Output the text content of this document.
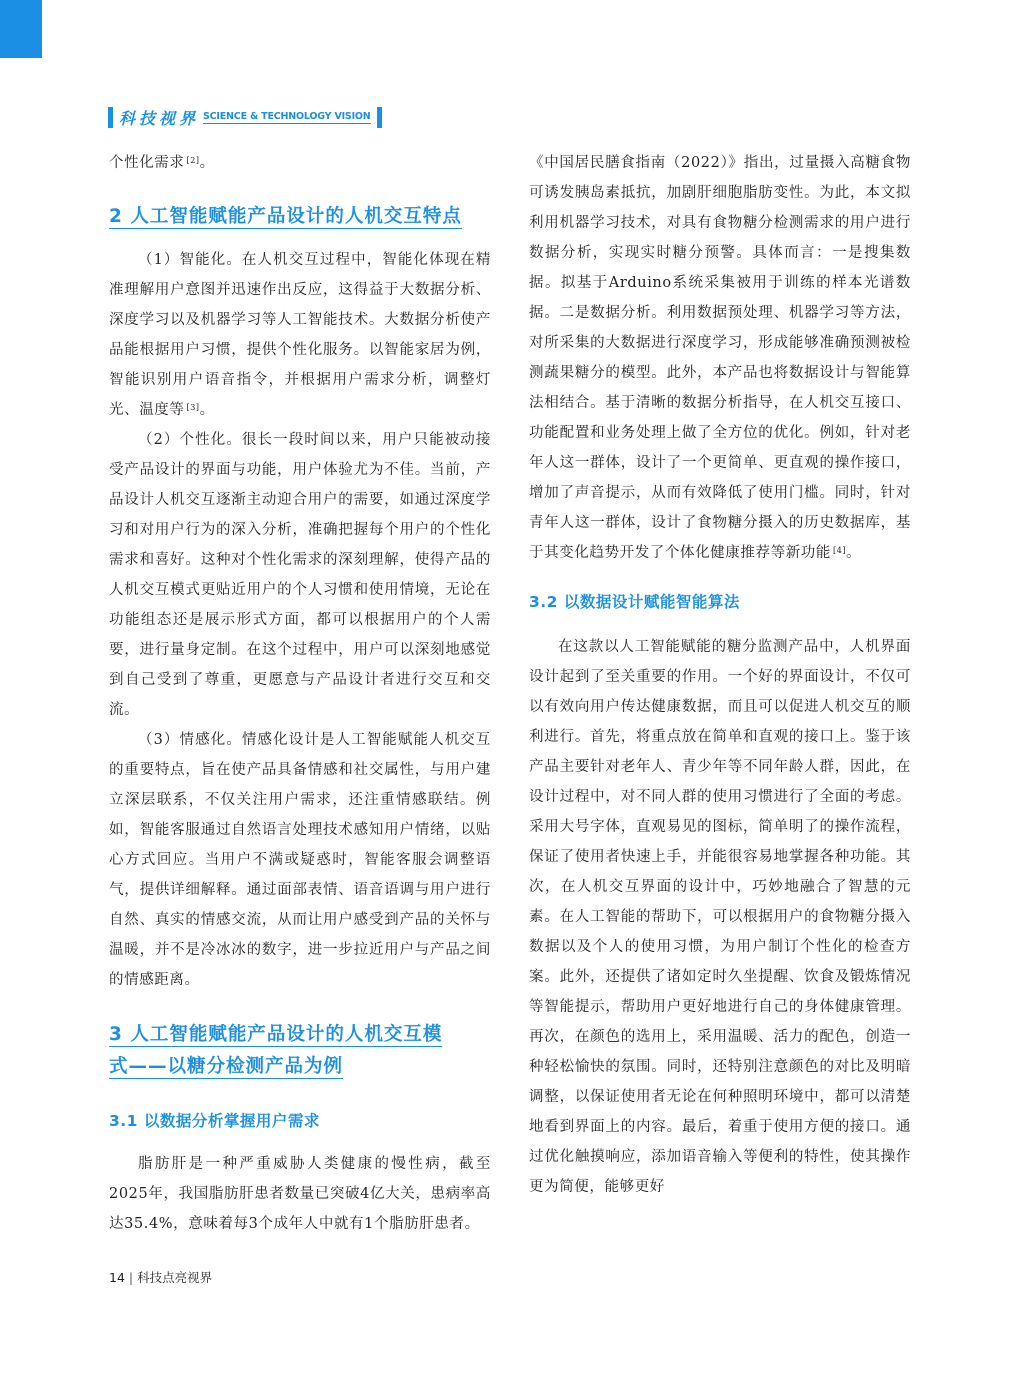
科技视界 SCIENCE & TECHNOLOGY VISION

个性化需求 [2]。

2 人工智能赋能产品设计的人机交互特点

（1）智能化。在人机交互过程中，智能化体现在精准理解用户意图并迅速作出反应，这得益于大数据分析、深度学习以及机器学习等人工智能技术。大数据分析使产品能根据用户习惯，提供个性化服务。以智能家居为例，智能识别用户语音指令，并根据用户需求分析，调整灯光、温度等 [3]。

（2）个性化。很长一段时间以来，用户只能被动接受产品设计的界面与功能，用户体验尤为不佳。当前，产品设计人机交互逐渐主动迎合用户的需要，如通过深度学习和对用户行为的深入分析，准确把握每个用户的个性化需求和喜好。这种对个性化需求的深刻理解，使得产品的人机交互模式更贴近用户的个人习惯和使用情境，无论在功能组态还是展示形式方面，都可以根据用户的个人需要，进行量身定制。在这个过程中，用户可以深刻地感觉到自己受到了尊重，更愿意与产品设计者进行交互和交流。

（3）情感化。情感化设计是人工智能赋能人机交互的重要特点，旨在使产品具备情感和社交属性，与用户建立深层联系，不仅关注用户需求，还注重情感联结。例如，智能客服通过自然语言处理技术感知用户情绪，以贴心方式回应。当用户不满或疑惑时，智能客服会调整语气，提供详细解释。通过面部表情、语音语调与用户进行自然、真实的情感交流，从而让用户感受到产品的关怀与温暖，并不是冷冰冰的数字，进一步拉近用户与产品之间的情感距离。

3 人工智能赋能产品设计的人机交互模
式——以糖分检测产品为例
3.1 以数据分析掌握用户需求

脂肪肝是一种严重威胁人类健康的慢性病，截至2025年，我国脂肪肝患者数量已突破4亿大关，患病率高达35.4%，意味着每3个成年人中就有1个脂肪肝患者。

《中国居民膳食指南（2022）》指出，过量摄入高糖食物可诱发胰岛素抵抗，加剧肝细胞脂肪变性。为此，本文拟利用机器学习技术，对具有食物糖分检测需求的用户进行数据分析，实现实时糖分预警。具体而言：一是搜集数据。拟基于Arduino系统采集被用于训练的样本光谱数据。二是数据分析。利用数据预处理、机器学习等方法，对所采集的大数据进行深度学习，形成能够准确预测被检测蔬果糖分的模型。此外，本产品也将数据设计与智能算法相结合。基于清晰的数据分析指导，在人机交互接口、功能配置和业务处理上做了全方位的优化。例如，针对老年人这一群体，设计了一个更简单、更直观的操作接口，增加了声音提示，从而有效降低了使用门槛。同时，针对青年人这一群体，设计了食物糖分摄入的历史数据库，基于其变化趋势开发了个体化健康推荐等新功能 [4]。

3.2 以数据设计赋能智能算法

在这款以人工智能赋能的糖分监测产品中，人机界面设计起到了至关重要的作用。一个好的界面设计，不仅可以有效向用户传达健康数据，而且可以促进人机交互的顺利进行。首先，将重点放在简单和直观的接口上。鉴于该产品主要针对老年人、青少年等不同年龄人群，因此，在设计过程中，对不同人群的使用习惯进行了全面的考虑。采用大号字体，直观易见的图标，简单明了的操作流程，保证了使用者快速上手，并能很容易地掌握各种功能。其次，在人机交互界面的设计中，巧妙地融合了智慧的元素。在人工智能的帮助下，可以根据用户的食物糖分摄入数据以及个人的使用习惯，为用户制订个性化的检查方案。此外，还提供了诸如定时久坐提醒、饮食及锻炼情况等智能提示，帮助用户更好地进行自己的身体健康管理。再次，在颜色的选用上，采用温暖、活力的配色，创造一种轻松愉快的氛围。同时，还特别注意颜色的对比及明暗调整，以保证使用者无论在何种照明环境中，都可以清楚地看到界面上的内容。最后，着重于使用方便的接口。通过优化触摸响应，添加语音输入等便利的特性，使其操作更为简便，能够更好

14 | 科技点亮视界
